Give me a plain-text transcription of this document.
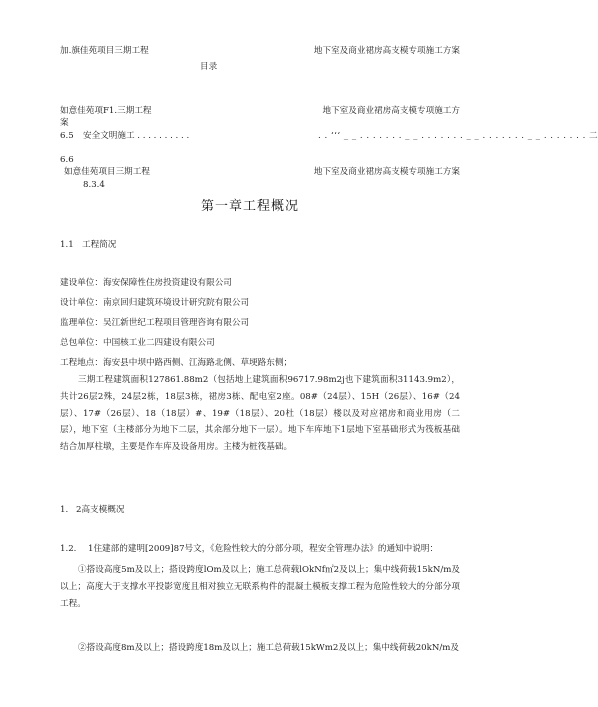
加.旗佳苑项目三期工程	地下室及商业裙房高支模专项施工方案
目录
如意佳苑项F1.三期工程	地下室及商业裙房高支模专项施工方
案
6.5 安全文明施工 . . . . . . . . . .	. . ‘‘‘ _ _ . . . . . . . _ _ . . . . . . . _ _ . . . . . . . _ _ . . . . . . . 二
6.6
如意佳苑项目三期工程	地下室及商业裙房高支模专项施工方案
8.3.4
第一章工程概况
1.1 工程简况
建设单位：海安保障性住房投资建设有限公司
设计单位：南京回归建筑环境设计研究院有限公司
监理单位：吴江新世纪工程项目管理咨询有限公司
总包单位：中国核工业二四建设有限公司
工程地点：海安县中坝中路西侧、江海路北侧、草埂路东侧；
三期工程建筑面积127861.88m2（包括地上建筑面积96717.98m2j也下建筑面积31143.9m2），共计26层2殊，24层2栋，18层3栋，裙房3栋、配电室2座。08#（24层）、15H（26层）、16#（24层）、17#（26层）、18（18层）#、19#（18层）、20杜（18层）楼以及对应裙房和商业用房（二层），地下室（主楼部分为地下二层，其余部分地下一层）。地下车库地下1层地下室基础形式为筏板基础结合加厚柱墩，主要是作车库及设备用房。主楼为桩筏基础。
1. 2高支模概况
1.2. 1住建部的建明[2009]87号文，《危险性较大的分部分项，程安全管理办法》的通知中说明：
①搭设高度5m及以上；搭设跨度lOm及以上；施工总荷载lOkNf㎡2及以上；集中线荷载15kN∕m及以上；高度大于支撑水平投影宽度且相对独立无联系构件的混凝土模板支撑工程为危险性较大的分部分项工程。
②搭设高度8m及以上；搭设跨度18m及以上；施工总荷载15kWm2及以上；集中线荷载20kN∕m及
